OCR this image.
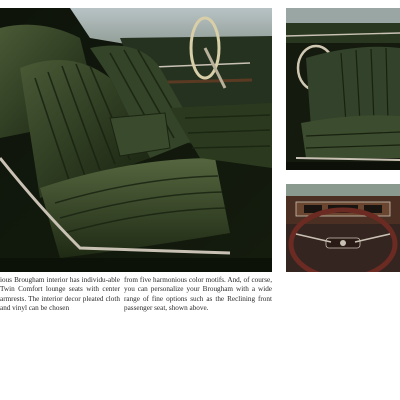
ious Brougham interior has individu-able Twin Comfort lounge seats with center armrests. The interior decor pleated cloth and vinyl can be chosen

from five harmonious color motifs. And, of course, you can personalize your Brougham with a wide range of fine options such as the Reclining front passenger seat, shown above.
